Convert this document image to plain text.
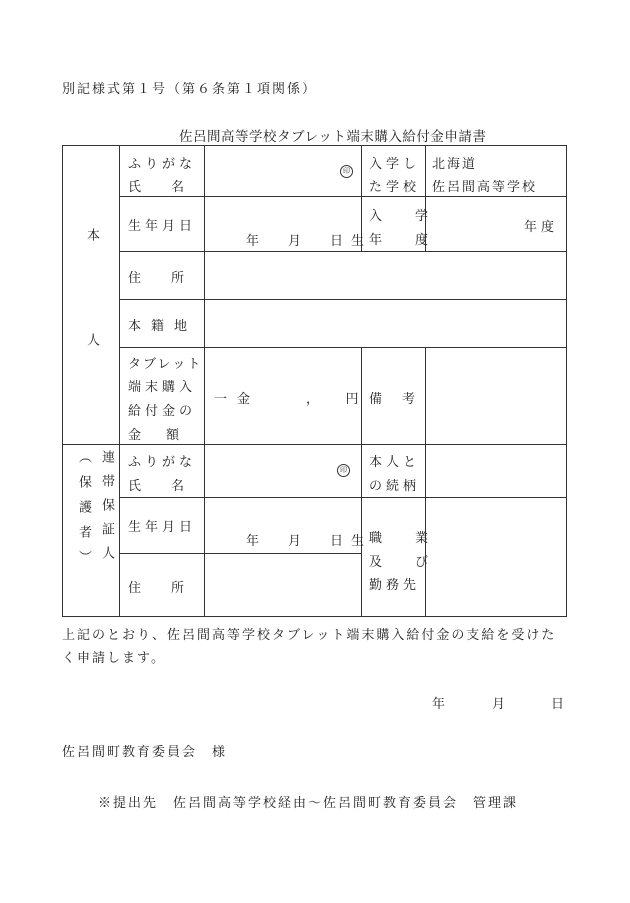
別記様式第１号（第６条第１項関係）
佐呂間高等学校タブレット端末購入給付金申請書
本人
ふりがな
氏名
印 入学し
た学校
北海道
佐呂間高等学校
生年月日
年　月　日生
入　学
年　度
年度
住所
本籍地
タブレット
端末購入
給付金の
金　額
一金　　，　円 備考
（保護者） 連帯保証人 ふりがな
氏名
印 本人と
の続柄
生年月日
年　月　日生
職　業
及　び
勤務先
住所
上記のとおり、佐呂間高等学校タブレット端末購入給付金の支給を受けた
く申請します。
年	月	日
佐呂間町教育委員会　様
※提出先　佐呂間高等学校経由～佐呂間町教育委員会　管理課
